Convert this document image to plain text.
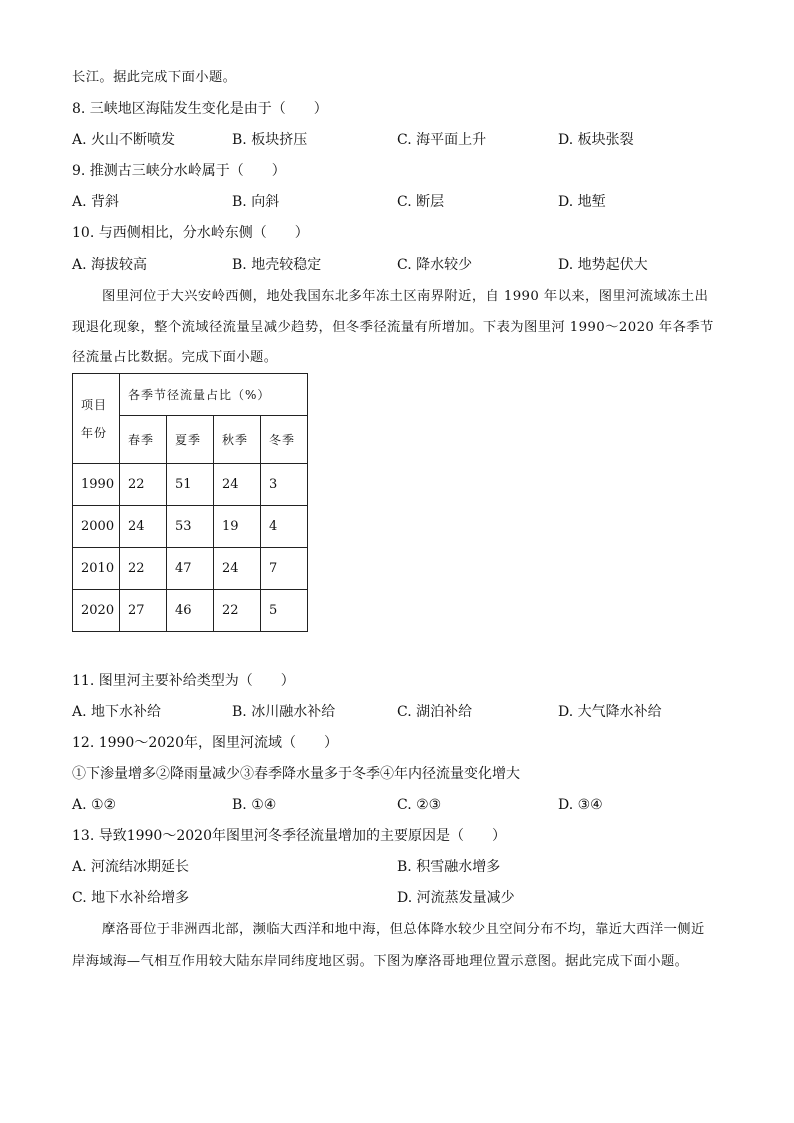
长江。据此完成下面小题。
8. 三峡地区海陆发生变化是由于（　　）
A. 火山不断喷发	B. 板块挤压	C. 海平面上升	D. 板块张裂
9. 推测古三峡分水岭属于（　　）
A. 背斜	B. 向斜	C. 断层	D. 地堑
10. 与西侧相比，分水岭东侧（　　）
A. 海拔较高	B. 地壳较稳定	C. 降水较少	D. 地势起伏大
图里河位于大兴安岭西侧，地处我国东北多年冻土区南界附近，自 1990 年以来，图里河流域冻土出
现退化现象，整个流域径流量呈减少趋势，但冬季径流量有所增加。下表为图里河 1990～2020 年各季节
径流量占比数据。完成下面小题。
项目
年份	各季节径流量占比（%）			
	春季	夏季	秋季	冬季
1990	22	51	24	3
2000	24	53	19	4
2010	22	47	24	7
2020	27	46	22	5
11. 图里河主要补给类型为（　　）
A. 地下水补给	B. 冰川融水补给	C. 湖泊补给	D. 大气降水补给
12. 1990～2020年，图里河流域（　　）
①下渗量增多②降雨量减少③春季降水量多于冬季④年内径流量变化增大
A. ①②	B. ①④	C. ②③	D. ③④
13. 导致1990～2020年图里河冬季径流量增加的主要原因是（　　）
A. 河流结冰期延长	B. 积雪融水增多
C. 地下水补给增多	D. 河流蒸发量减少
摩洛哥位于非洲西北部，濒临大西洋和地中海，但总体降水较少且空间分布不均，靠近大西洋一侧近
岸海域海—气相互作用较大陆东岸同纬度地区弱。下图为摩洛哥地理位置示意图。据此完成下面小题。
